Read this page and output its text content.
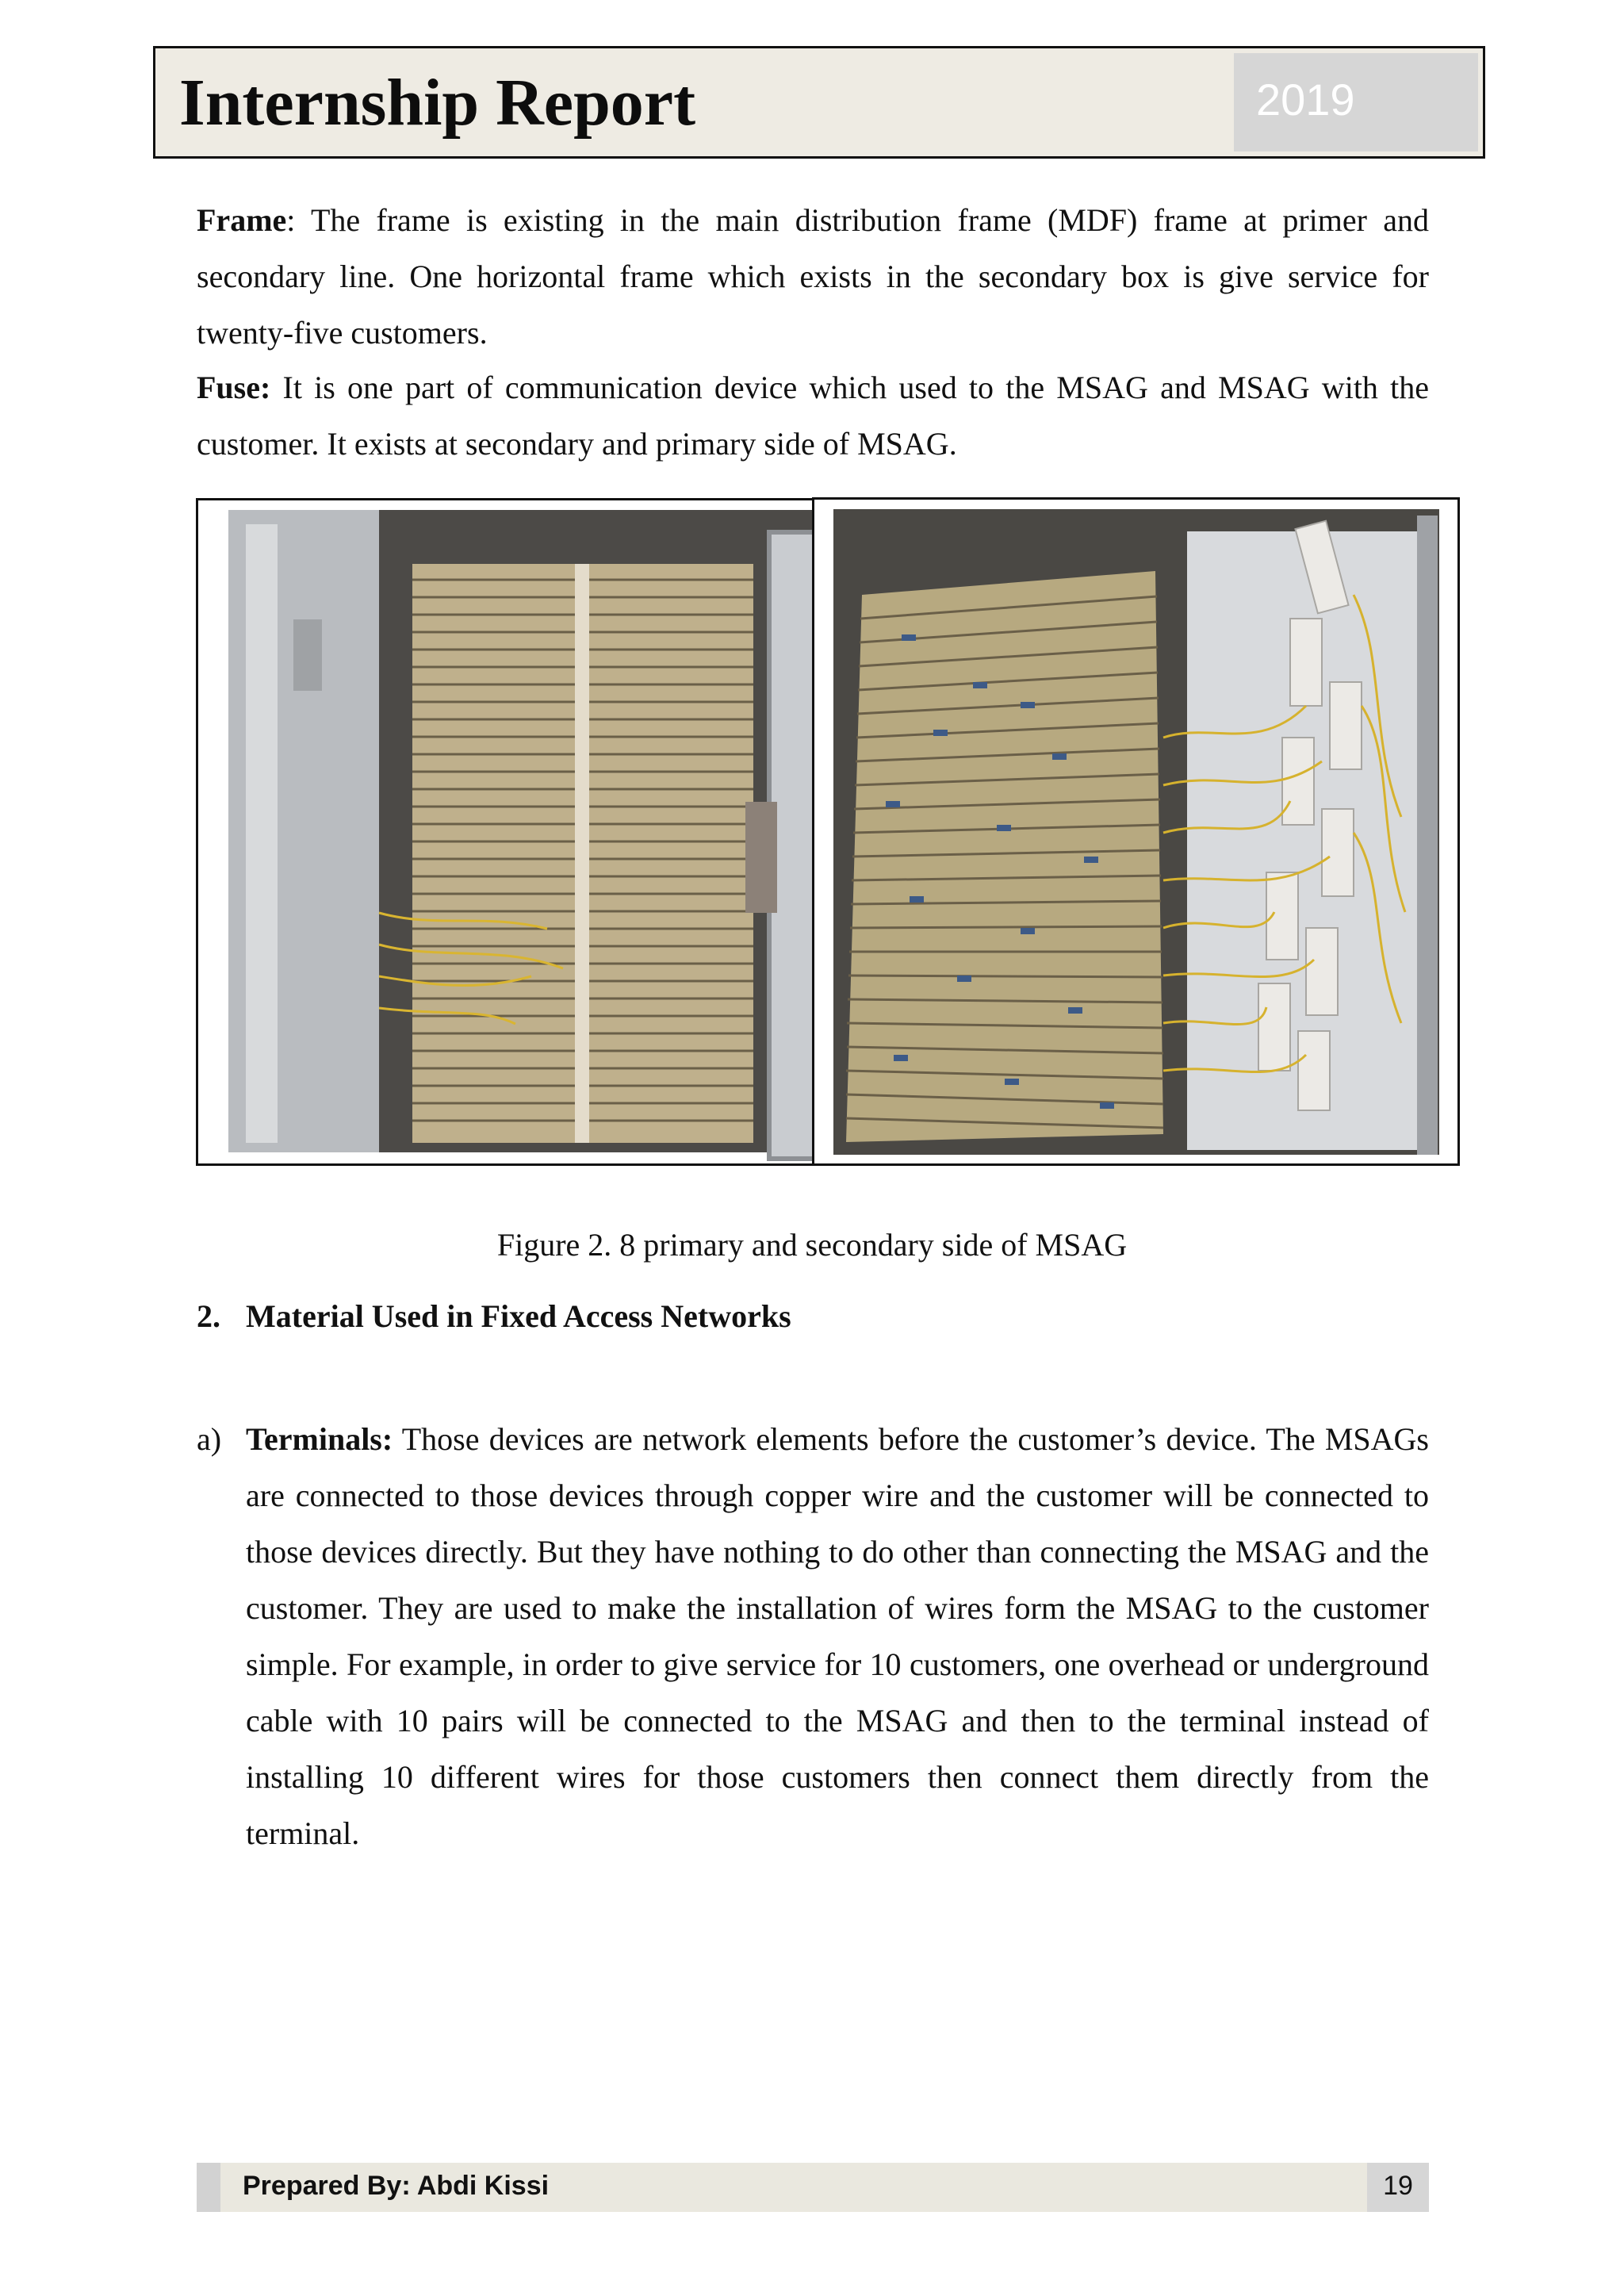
Internship Report	2019

Frame: The frame is existing in the main distribution frame (MDF) frame at primer and secondary line. One horizontal frame which exists in the secondary box is give service for twenty-five customers.

Fuse: It is one part of communication device which used to the MSAG and MSAG with the customer. It exists at secondary and primary side of MSAG.

Figure 2. 8 primary and secondary side of MSAG
2. Material Used in Fixed Access Networks
a) Terminals: Those devices are network elements before the customer’s device. The MSAGs are connected to those devices through copper wire and the customer will be connected to those devices directly. But they have nothing to do other than connecting the MSAG and the customer. They are used to make the installation of wires form the MSAG to the customer simple. For example, in order to give service for 10 customers, one overhead or underground cable with 10 pairs will be connected to the MSAG and then to the terminal instead of installing 10 different wires for those customers then connect them directly from the terminal.

Prepared By: Abdi Kissi	19
